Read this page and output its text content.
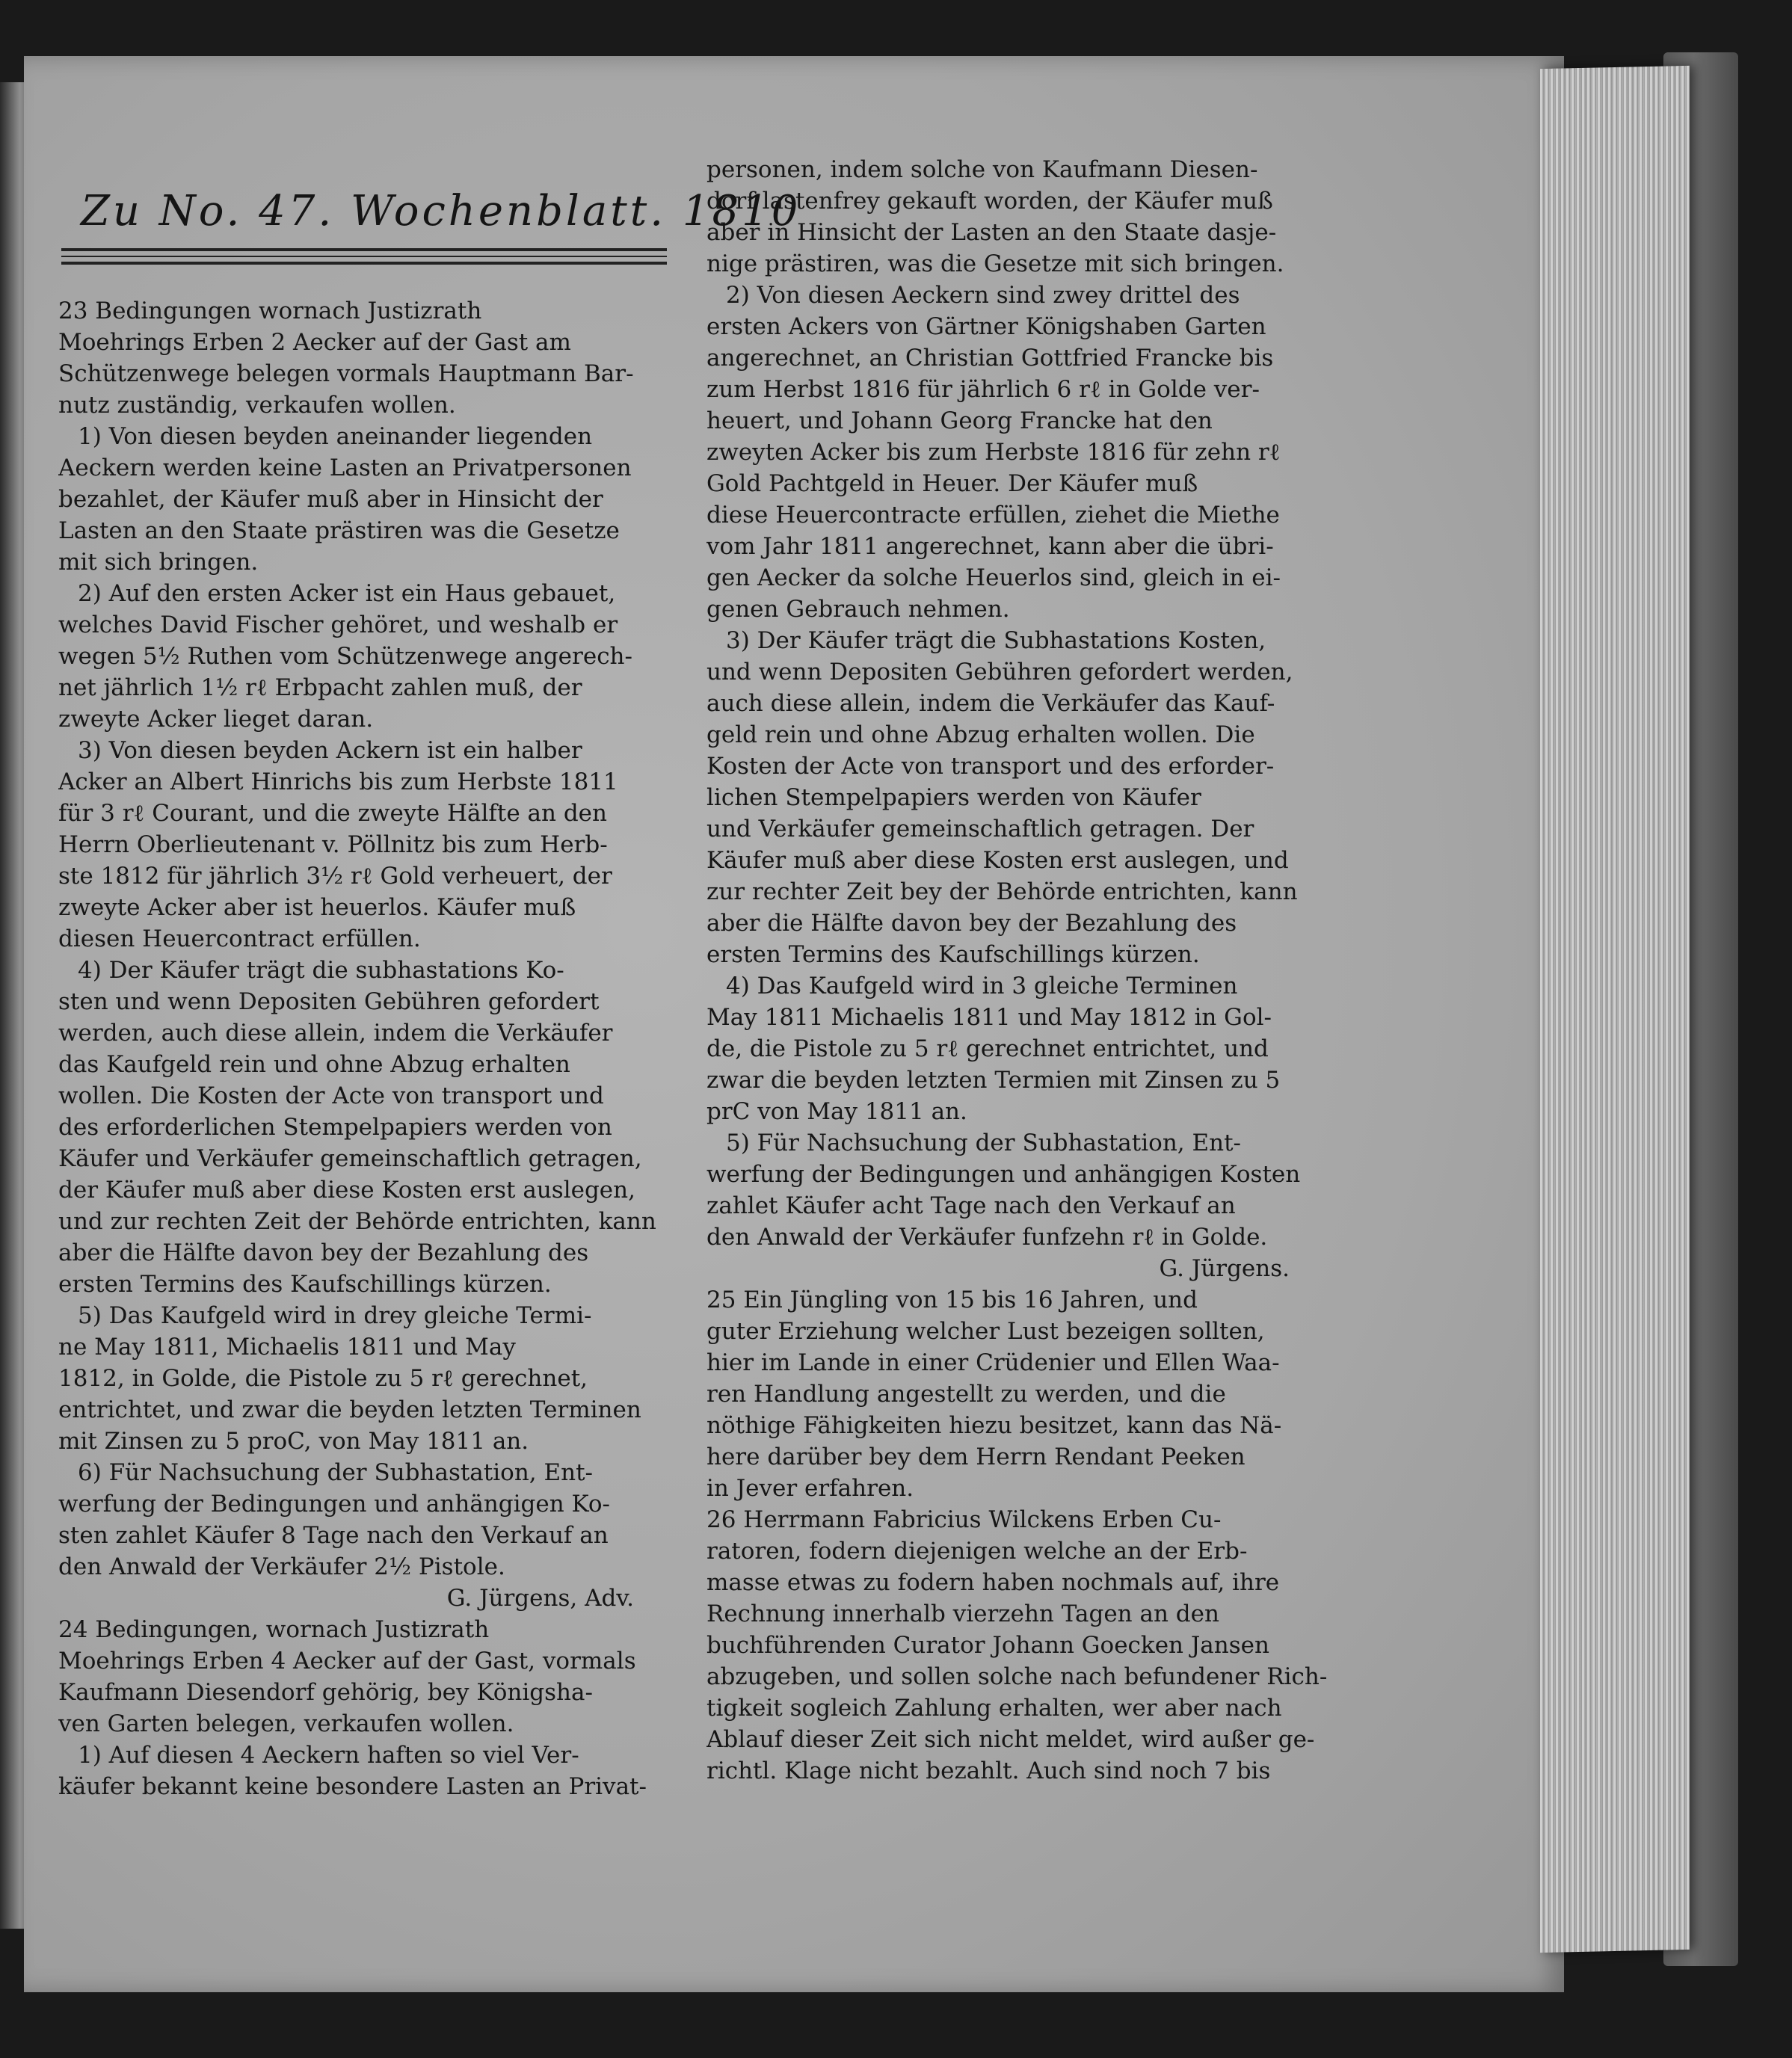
Zu No. 47. Wochenblatt. 1810
23 Bedingungen wornach Justizrath
Moehrings Erben 2 Aecker auf der Gast am
Schützenwege belegen vormals Hauptmann Bar-
nutz zuständig, verkaufen wollen.
1) Von diesen beyden aneinander liegenden
Aeckern werden keine Lasten an Privatpersonen
bezahlet, der Käufer muß aber in Hinsicht der
Lasten an den Staate prästiren was die Gesetze
mit sich bringen.
2) Auf den ersten Acker ist ein Haus gebauet,
welches David Fischer gehöret, und weshalb er
wegen 5½ Ruthen vom Schützenwege angerech-
net jährlich 1½ rℓ Erbpacht zahlen muß, der
zweyte Acker lieget daran.
3) Von diesen beyden Ackern ist ein halber
Acker an Albert Hinrichs bis zum Herbste 1811
für 3 rℓ Courant, und die zweyte Hälfte an den
Herrn Oberlieutenant v. Pöllnitz bis zum Herb-
ste 1812 für jährlich 3½ rℓ Gold verheuert, der
zweyte Acker aber ist heuerlos. Käufer muß
diesen Heuercontract erfüllen.
4) Der Käufer trägt die subhastations Ko-
sten und wenn Depositen Gebühren gefordert
werden, auch diese allein, indem die Verkäufer
das Kaufgeld rein und ohne Abzug erhalten
wollen. Die Kosten der Acte von transport und
des erforderlichen Stempelpapiers werden von
Käufer und Verkäufer gemeinschaftlich getragen,
der Käufer muß aber diese Kosten erst auslegen,
und zur rechten Zeit der Behörde entrichten, kann
aber die Hälfte davon bey der Bezahlung des
ersten Termins des Kaufschillings kürzen.
5) Das Kaufgeld wird in drey gleiche Termi-
ne May 1811, Michaelis 1811 und May
1812, in Golde, die Pistole zu 5 rℓ gerechnet,
entrichtet, und zwar die beyden letzten Terminen
mit Zinsen zu 5 proC, von May 1811 an.
6) Für Nachsuchung der Subhastation, Ent-
werfung der Bedingungen und anhängigen Ko-
sten zahlet Käufer 8 Tage nach den Verkauf an
den Anwald der Verkäufer 2½ Pistole.
G. Jürgens, Adv.
24 Bedingungen, wornach Justizrath
Moehrings Erben 4 Aecker auf der Gast, vormals
Kaufmann Diesendorf gehörig, bey Königsha-
ven Garten belegen, verkaufen wollen.
1) Auf diesen 4 Aeckern haften so viel Ver-
käufer bekannt keine besondere Lasten an Privat-
personen, indem solche von Kaufmann Diesen-
dorf lastenfrey gekauft worden, der Käufer muß
aber in Hinsicht der Lasten an den Staate dasje-
nige prästiren, was die Gesetze mit sich bringen.
2) Von diesen Aeckern sind zwey drittel des
ersten Ackers von Gärtner Königshaben Garten
angerechnet, an Christian Gottfried Francke bis
zum Herbst 1816 für jährlich 6 rℓ in Golde ver-
heuert, und Johann Georg Francke hat den
zweyten Acker bis zum Herbste 1816 für zehn rℓ
Gold Pachtgeld in Heuer. Der Käufer muß
diese Heuercontracte erfüllen, ziehet die Miethe
vom Jahr 1811 angerechnet, kann aber die übri-
gen Aecker da solche Heuerlos sind, gleich in ei-
genen Gebrauch nehmen.
3) Der Käufer trägt die Subhastations Kosten,
und wenn Depositen Gebühren gefordert werden,
auch diese allein, indem die Verkäufer das Kauf-
geld rein und ohne Abzug erhalten wollen. Die
Kosten der Acte von transport und des erforder-
lichen Stempelpapiers werden von Käufer
und Verkäufer gemeinschaftlich getragen. Der
Käufer muß aber diese Kosten erst auslegen, und
zur rechter Zeit bey der Behörde entrichten, kann
aber die Hälfte davon bey der Bezahlung des
ersten Termins des Kaufschillings kürzen.
4) Das Kaufgeld wird in 3 gleiche Terminen
May 1811 Michaelis 1811 und May 1812 in Gol-
de, die Pistole zu 5 rℓ gerechnet entrichtet, und
zwar die beyden letzten Termien mit Zinsen zu 5
prC von May 1811 an.
5) Für Nachsuchung der Subhastation, Ent-
werfung der Bedingungen und anhängigen Kosten
zahlet Käufer acht Tage nach den Verkauf an
den Anwald der Verkäufer funfzehn rℓ in Golde.
G. Jürgens.
25 Ein Jüngling von 15 bis 16 Jahren, und
guter Erziehung welcher Lust bezeigen sollten,
hier im Lande in einer Crüdenier und Ellen Waa-
ren Handlung angestellt zu werden, und die
nöthige Fähigkeiten hiezu besitzet, kann das Nä-
here darüber bey dem Herrn Rendant Peeken
in Jever erfahren.
26 Herrmann Fabricius Wilckens Erben Cu-
ratoren, fodern diejenigen welche an der Erb-
masse etwas zu fodern haben nochmals auf, ihre
Rechnung innerhalb vierzehn Tagen an den
buchführenden Curator Johann Goecken Jansen
abzugeben, und sollen solche nach befundener Rich-
tigkeit sogleich Zahlung erhalten, wer aber nach
Ablauf dieser Zeit sich nicht meldet, wird außer ge-
richtl. Klage nicht bezahlt. Auch sind noch 7 bis
